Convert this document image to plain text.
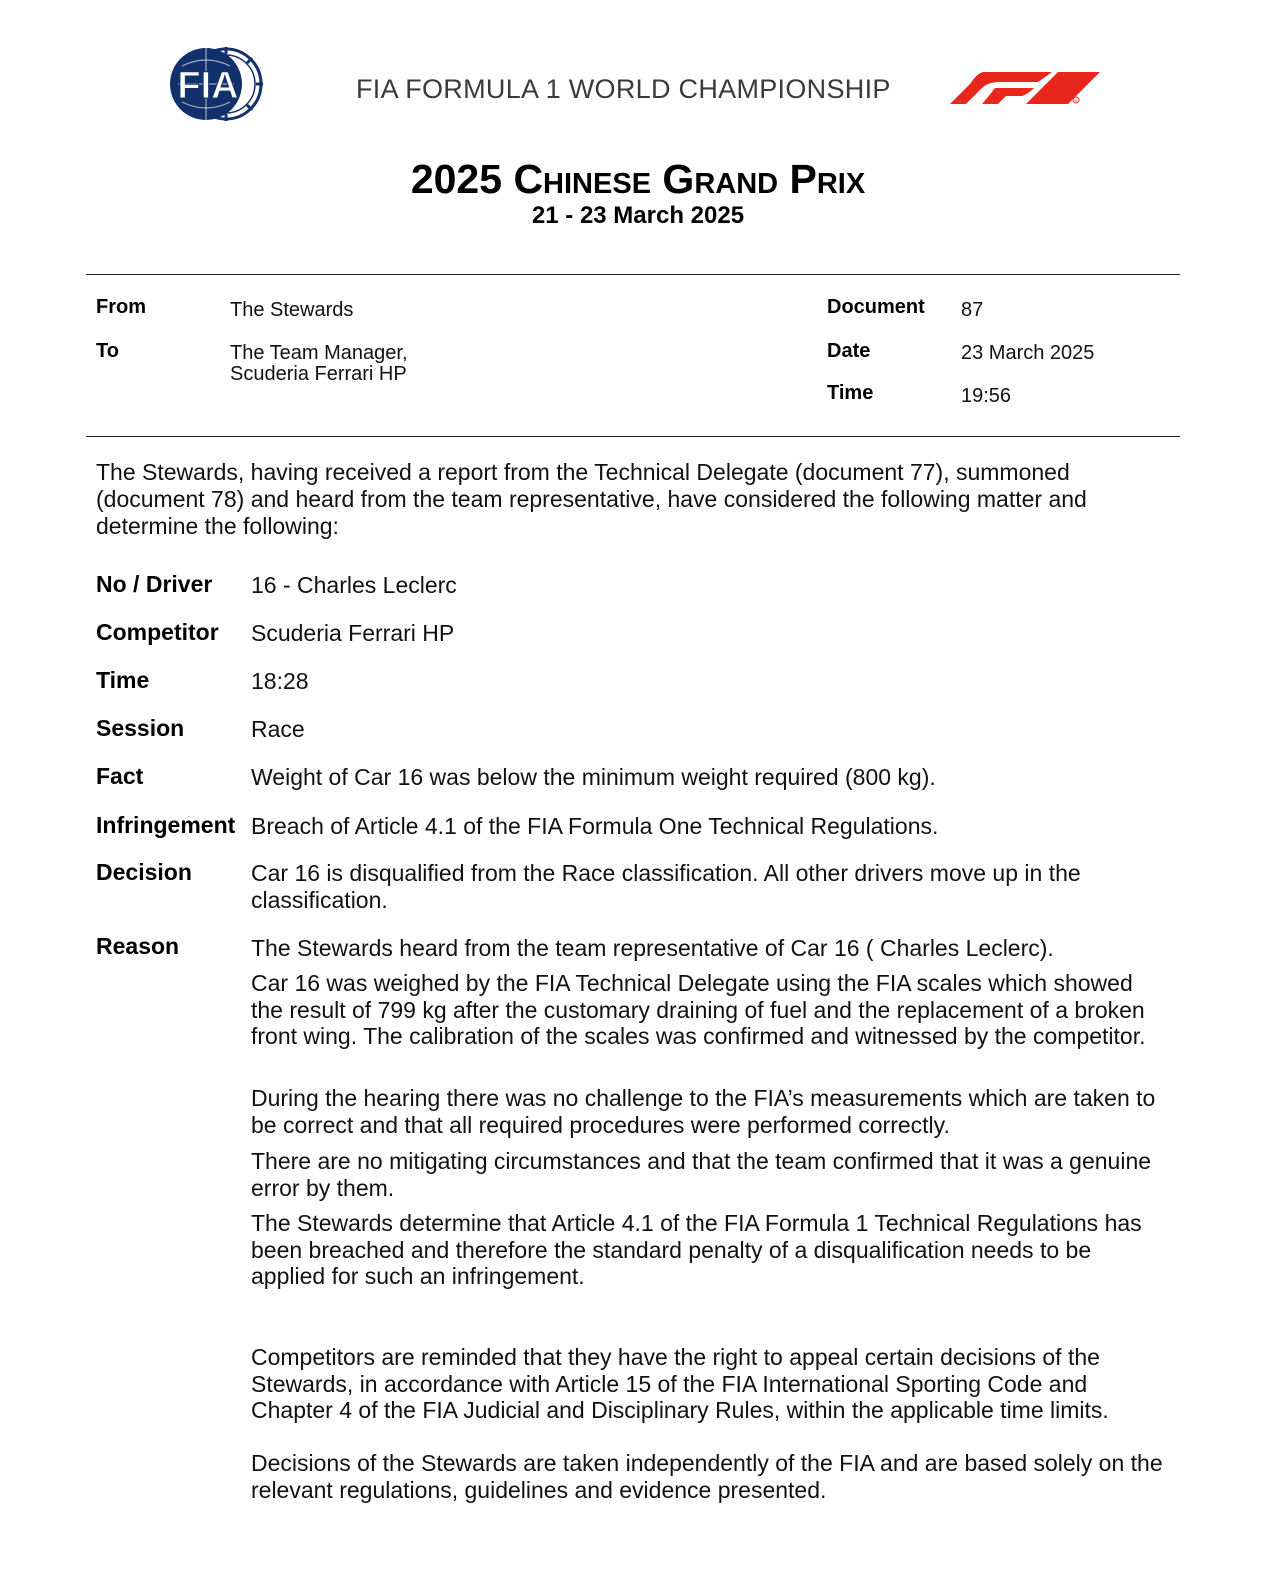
FIA	FIA FORMULA 1 WORLD CHAMPIONSHIP	R
2025 Chinese Grand Prix
21 - 23 March 2025
From	The Stewards
To	The Team Manager,
Scuderia Ferrari HP
Document 87
Date	23 March 2025
Time	19:56
The Stewards, having received a report from the Technical Delegate (document 77), summoned (document 78) and heard from the team representative, have considered the following matter and determine the following:
No / Driver 16 - Charles Leclerc
Competitor Scuderia Ferrari HP
Time	18:28
Session	Race
Fact	Weight of Car 16 was below the minimum weight required (800 kg).
Infringement Breach of Article 4.1 of the FIA Formula One Technical Regulations.
Decision	Car 16 is disqualified from the Race classification. All other drivers move up in the classification.
Reason	The Stewards heard from the team representative of Car 16 ( Charles Leclerc).

Car 16 was weighed by the FIA Technical Delegate using the FIA scales which showed the result of 799 kg after the customary draining of fuel and the replacement of a broken front wing. The calibration of the scales was confirmed and witnessed by the competitor.

During the hearing there was no challenge to the FIA’s measurements which are taken to be correct and that all required procedures were performed correctly.

There are no mitigating circumstances and that the team confirmed that it was a genuine error by them.

The Stewards determine that Article 4.1 of the FIA Formula 1 Technical Regulations has been breached and therefore the standard penalty of a disqualification needs to be applied for such an infringement.

Competitors are reminded that they have the right to appeal certain decisions of the Stewards, in accordance with Article 15 of the FIA International Sporting Code and Chapter 4 of the FIA Judicial and Disciplinary Rules, within the applicable time limits.

Decisions of the Stewards are taken independently of the FIA and are based solely on the relevant regulations, guidelines and evidence presented.
